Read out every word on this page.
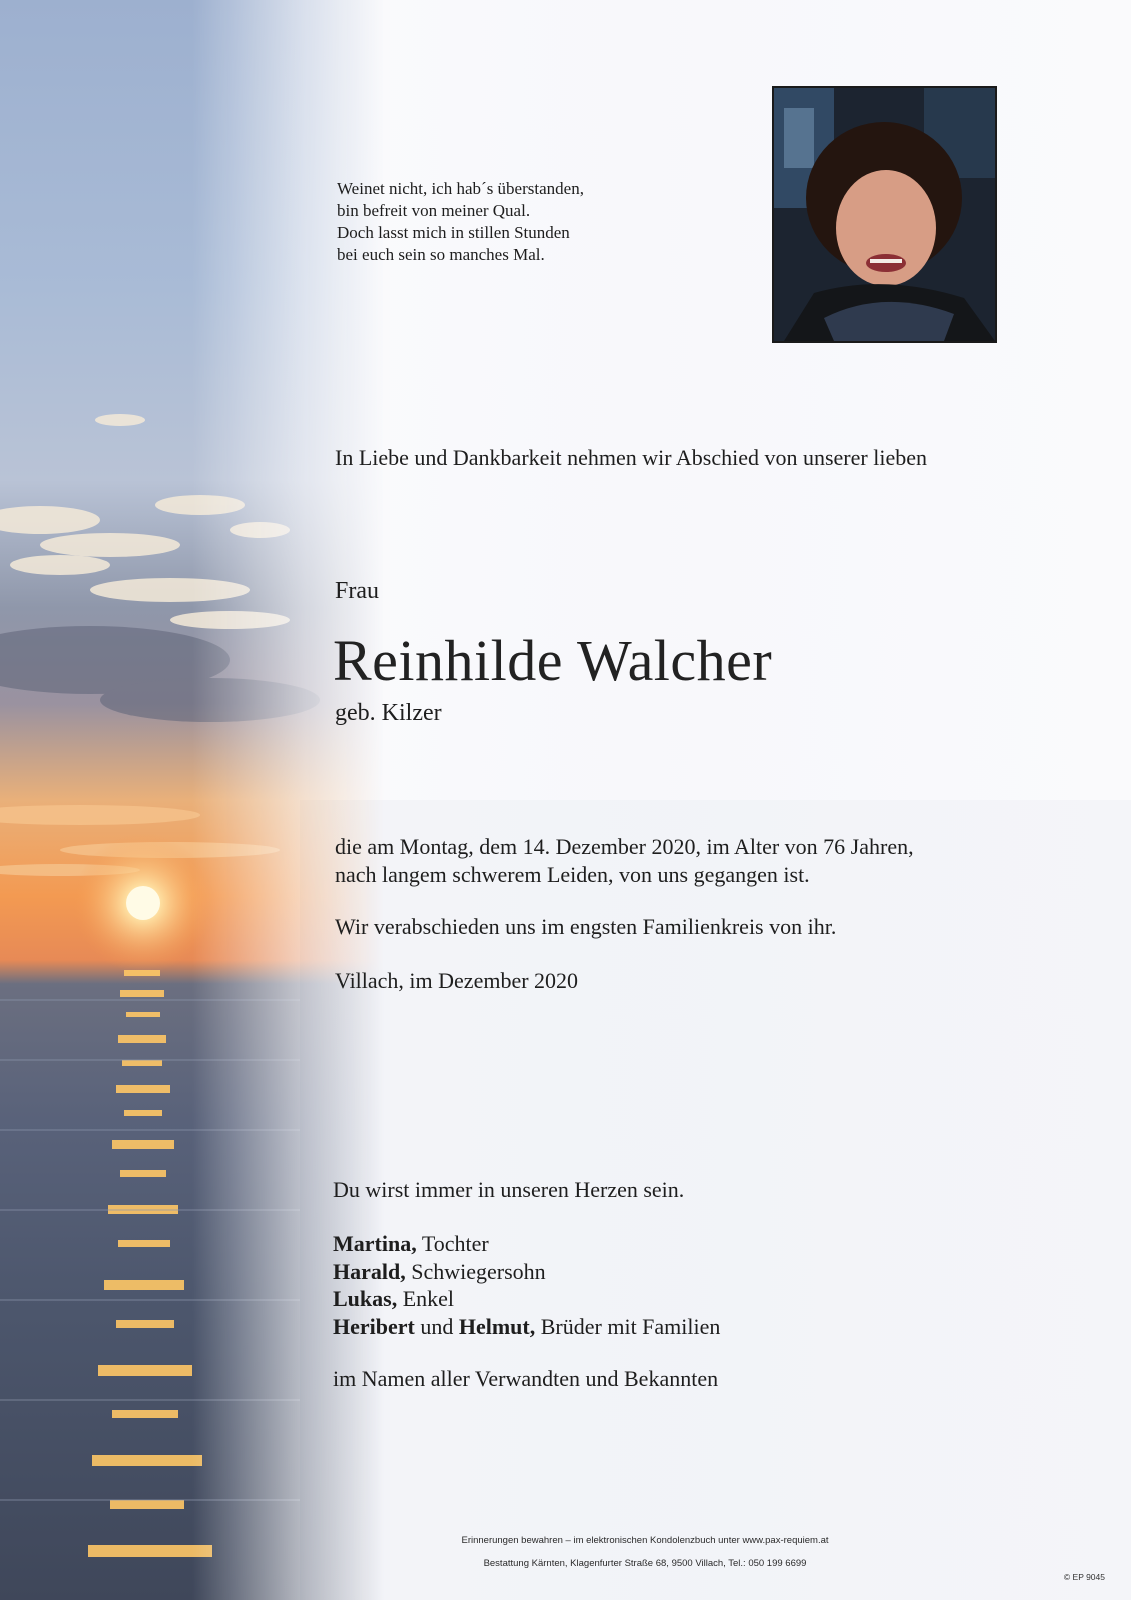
Weinet nicht, ich hab´s überstanden,
bin befreit von meiner Qual.
Doch lasst mich in stillen Stunden
bei euch sein so manches Mal.
In Liebe und Dankbarkeit nehmen wir Abschied von unserer lieben
Frau
Reinhilde Walcher
geb. Kilzer
die am Montag, dem 14. Dezember 2020, im Alter von 76 Jahren,
nach langem schwerem Leiden, von uns gegangen ist.
Wir verabschieden uns im engsten Familienkreis von ihr.
Villach, im Dezember 2020
Du wirst immer in unseren Herzen sein.
Martina, Tochter
Harald, Schwiegersohn
Lukas, Enkel
Heribert und Helmut, Brüder mit Familien
im Namen aller Verwandten und Bekannten
Erinnerungen bewahren – im elektronischen Kondolenzbuch unter www.pax-requiem.at
Bestattung Kärnten, Klagenfurter Straße 68, 9500 Villach, Tel.: 050 199 6699
© EP 9045
